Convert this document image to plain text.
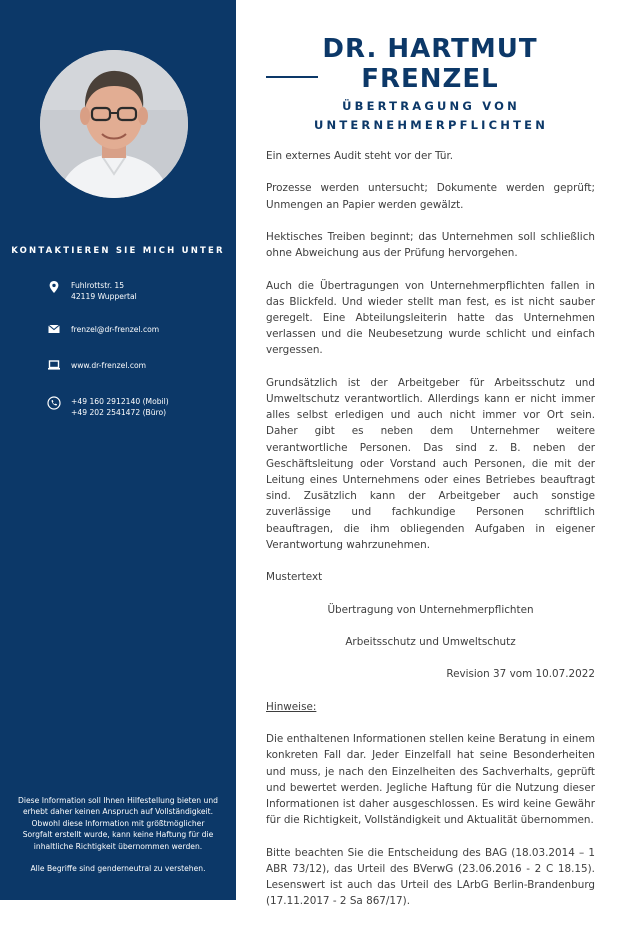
KONTAKTIEREN SIE MICH UNTER
Fuhlrottstr. 15
42119 Wuppertal
frenzel@dr-frenzel.com
www.dr-frenzel.com
+49 160 2912140 (Mobil)
+49 202 2541472 (Büro)

Diese Information soll Ihnen Hilfestellung bieten und erhebt daher keinen Anspruch auf Vollständigkeit. Obwohl diese Information mit größtmöglicher Sorgfalt erstellt wurde, kann keine Haftung für die inhaltliche Richtigkeit übernommen werden.

Alle Begriffe sind genderneutral zu verstehen.

DR. HARTMUT FRENZEL
ÜBERTRAGUNG VON
UNTERNEHMERPFLICHTEN

Ein externes Audit steht vor der Tür.

Prozesse werden untersucht; Dokumente werden geprüft; Unmengen an Papier werden gewälzt.

Hektisches Treiben beginnt; das Unternehmen soll schließlich ohne Abweichung aus der Prüfung hervorgehen.

Auch die Übertragungen von Unternehmerpflichten fallen in das Blickfeld. Und wieder stellt man fest, es ist nicht sauber geregelt. Eine Abteilungsleiterin hatte das Unternehmen verlassen und die Neubesetzung wurde schlicht und einfach vergessen.

Grundsätzlich ist der Arbeitgeber für Arbeitsschutz und Umweltschutz verantwortlich. Allerdings kann er nicht immer alles selbst erledigen und auch nicht immer vor Ort sein. Daher gibt es neben dem Unternehmer weitere verantwortliche Personen. Das sind z. B. neben der Geschäftsleitung oder Vorstand auch Personen, die mit der Leitung eines Unternehmens oder eines Betriebes beauftragt sind. Zusätzlich kann der Arbeitgeber auch sonstige zuverlässige und fachkundige Personen schriftlich beauftragen, die ihm obliegenden Aufgaben in eigener Verantwortung wahrzunehmen.

Mustertext

Übertragung von Unternehmerpflichten

Arbeitsschutz und Umweltschutz

Revision 37 vom 10.07.2022

Hinweise:

Die enthaltenen Informationen stellen keine Beratung in einem konkreten Fall dar. Jeder Einzelfall hat seine Besonderheiten und muss, je nach den Einzelheiten des Sachverhalts, geprüft und bewertet werden. Jegliche Haftung für die Nutzung dieser Informationen ist daher ausgeschlossen. Es wird keine Gewähr für die Richtigkeit, Vollständigkeit und Aktualität übernommen.

Bitte beachten Sie die Entscheidung des BAG (18.03.2014 – 1 ABR 73/12), das Urteil des BVerwG (23.06.2016 - 2 C 18.15). Lesenswert ist auch das Urteil des LArbG Berlin-Brandenburg (17.11.2017 - 2 Sa 867/17).
